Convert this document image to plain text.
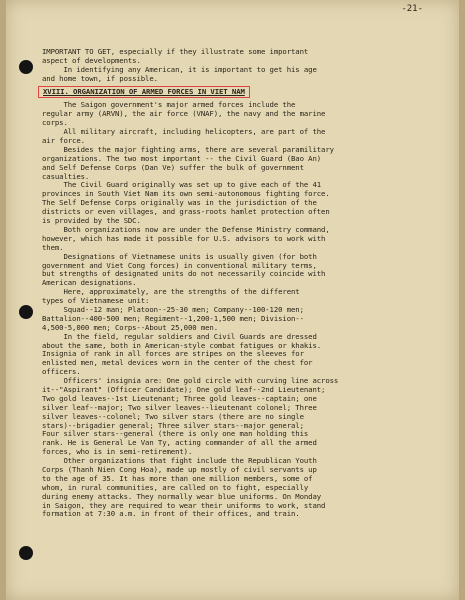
-21-
IMPORTANT TO GET, especially if they illustrate some important
aspect of developments.
In identifying any American, it is important to get his age
and home town, if possible.
XVIII. ORGANIZATION OF ARMED FORCES IN VIET NAM
The Saigon government's major armed forces include the
regular army (ARVN), the air force (VNAF), the navy and the marine
corps.
All military aircraft, including helicopters, are part of the
air force.
Besides the major fighting arms, there are several paramilitary
organizations. The two most important -- the Civil Guard (Bao An)
and Self Defense Corps (Dan Ve) suffer the bulk of government
casualties.
The Civil Guard originally was set up to give each of the 41
provinces in South Viet Nam its own semi-autonomous fighting force.
The Self Defense Corps originally was in the jurisdiction of the
districts or even villages, and grass-roots hamlet protection often
is provided by the SDC.
Both organizations now are under the Defense Ministry command,
however, which has made it possible for U.S. advisors to work with
them.
Designations of Vietnamese units is usually given (for both
government and Viet Cong forces) in conventional military terms,
but strengths of designated units do not necessarily coincide with
American designations.
Here, approximately, are the strengths of the different
types of Vietnamese unit:
Squad--12 man; Platoon--25-30 men; Company--100-120 men;
Battalion--400-500 men; Regiment--1,200-1,500 men; Division--
4,500-5,000 men; Corps--About 25,000 men.
In the field, regular soldiers and Civil Guards are dressed
about the same, both in American-style combat fatigues or khakis.
Insignia of rank in all forces are stripes on the sleeves for
enlisted men, metal devices worn in the center of the chest for
officers.
Officers' insignia are: One gold circle with curving line across
it--"Aspirant" (Officer Candidate); One gold leaf--2nd Lieutenant;
Two gold leaves--1st Lieutenant; Three gold leaves--captain; one
silver leaf--major; Two silver leaves--lieutenant colonel; Three
silver leaves--colonel; Two silver stars (there are no single
stars)--brigadier general; Three silver stars--major general;
Four silver stars--general (there is only one man holding this
rank. He is General Le Van Ty, acting commander of all the armed
forces, who is in semi-retirement).
Other organizations that fight include the Republican Youth
Corps (Thanh Nien Cong Hoa), made up mostly of civil servants up
to the age of 35. It has more than one million members, some of
whom, in rural communities, are called on to fight, especially
during enemy attacks. They normally wear blue uniforms. On Monday
in Saigon, they are required to wear their uniforms to work, stand
formation at 7:30 a.m. in front of their offices, and train.
